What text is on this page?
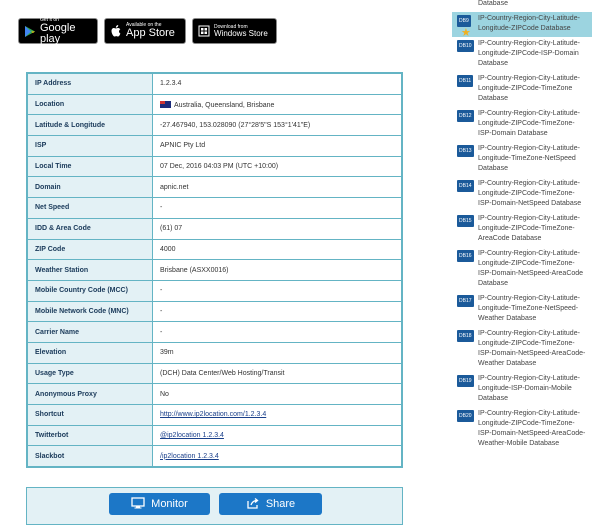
Get it on
Google play
Available on the
App Store
Download from
Windows Store
IP Address	1.2.3.4
Location	Australia, Queensland, Brisbane
Latitude & Longitude	-27.467940, 153.028090 (27°28'5"S 153°1'41"E)
ISP	APNIC Pty Ltd
Local Time	07 Dec, 2016 04:03 PM (UTC +10:00)
Domain	apnic.net
Net Speed	-
IDD & Area Code	(61) 07
ZIP Code	4000
Weather Station	Brisbane (ASXX0016)
Mobile Country Code (MCC)	-
Mobile Network Code (MNC)	-
Carrier Name	-
Elevation	39m
Usage Type	(DCH) Data Center/Web Hosting/Transit
Anonymous Proxy	No
Shortcut	http://www.ip2location.com/1.2.3.4
Twitterbot	@ip2location 1.2.3.4
Slackbot	/ip2location 1.2.3.4
Monitor	Share
Database
DB9
★
IP-Country-Region-City-Latitude-Longitude-ZIPCode Database
DB10 IP-Country-Region-City-Latitude-Longitude-ZIPCode-ISP-Domain Database
DB11 IP-Country-Region-City-Latitude-Longitude-ZIPCode-TimeZone Database
DB12 IP-Country-Region-City-Latitude-Longitude-ZIPCode-TimeZone-ISP-Domain Database
DB13 IP-Country-Region-City-Latitude-Longitude-TimeZone-NetSpeed Database
DB14 IP-Country-Region-City-Latitude-Longitude-ZIPCode-TimeZone-ISP-Domain-NetSpeed Database
DB15 IP-Country-Region-City-Latitude-Longitude-ZIPCode-TimeZone-AreaCode Database
DB16 IP-Country-Region-City-Latitude-Longitude-ZIPCode-TimeZone-ISP-Domain-NetSpeed-AreaCode Database
DB17 IP-Country-Region-City-Latitude-Longitude-TimeZone-NetSpeed-Weather Database
DB18 IP-Country-Region-City-Latitude-Longitude-ZIPCode-TimeZone-ISP-Domain-NetSpeed-AreaCode-Weather Database
DB19 IP-Country-Region-City-Latitude-Longitude-ISP-Domain-Mobile Database
DB20 IP-Country-Region-City-Latitude-Longitude-ZIPCode-TimeZone-ISP-Domain-NetSpeed-AreaCode-Weather-Mobile Database
